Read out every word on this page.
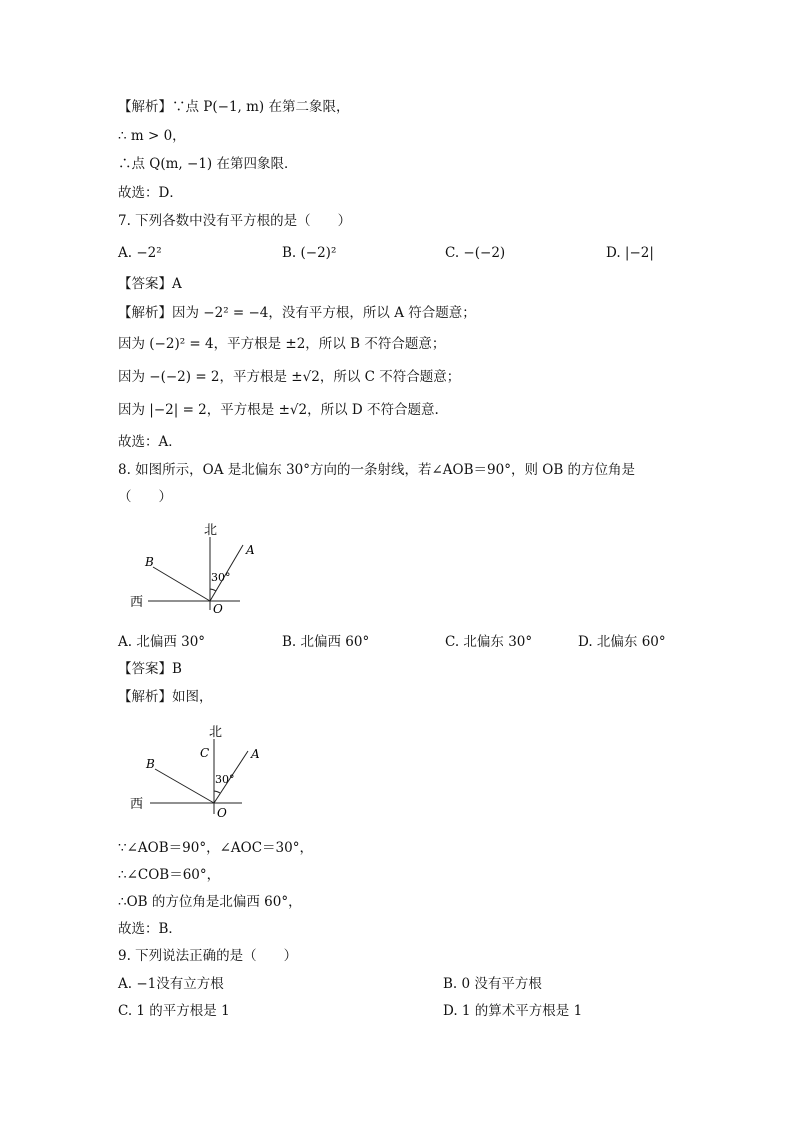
【解析】∵点 P(−1, m) 在第二象限，
∴ m > 0，
∴点 Q(m, −1) 在第四象限．
故选：D．
7. 下列各数中没有平方根的是（　　）
A. −2²	B. (−2)²	C. −(−2)	D. |−2|
【答案】A
【解析】因为 −2² = −4，没有平方根，所以 A 符合题意；
因为 (−2)² = 4，平方根是 ±2，所以 B 不符合题意；
因为 −(−2) = 2，平方根是 ±√2，所以 C 不符合题意；
因为 |−2| = 2，平方根是 ±√2，所以 D 不符合题意.
故选：A．
8. 如图所示，OA 是北偏东 30°方向的一条射线，若∠AOB＝90°，则 OB 的方位角是
（　　）
北
西
A
B
O
30°
A. 北偏西 30°	B. 北偏西 60°	C. 北偏东 30°	D. 北偏东 60°
【答案】B
【解析】如图，
北
西
A
B
C
O
30°
∵∠AOB＝90°，∠AOC＝30°，
∴∠COB＝60°，
∴OB 的方位角是北偏西 60°，
故选：B．
9. 下列说法正确的是（　　）
A. −1没有立方根	B. 0 没有平方根
C. 1 的平方根是 1	D. 1 的算术平方根是 1
